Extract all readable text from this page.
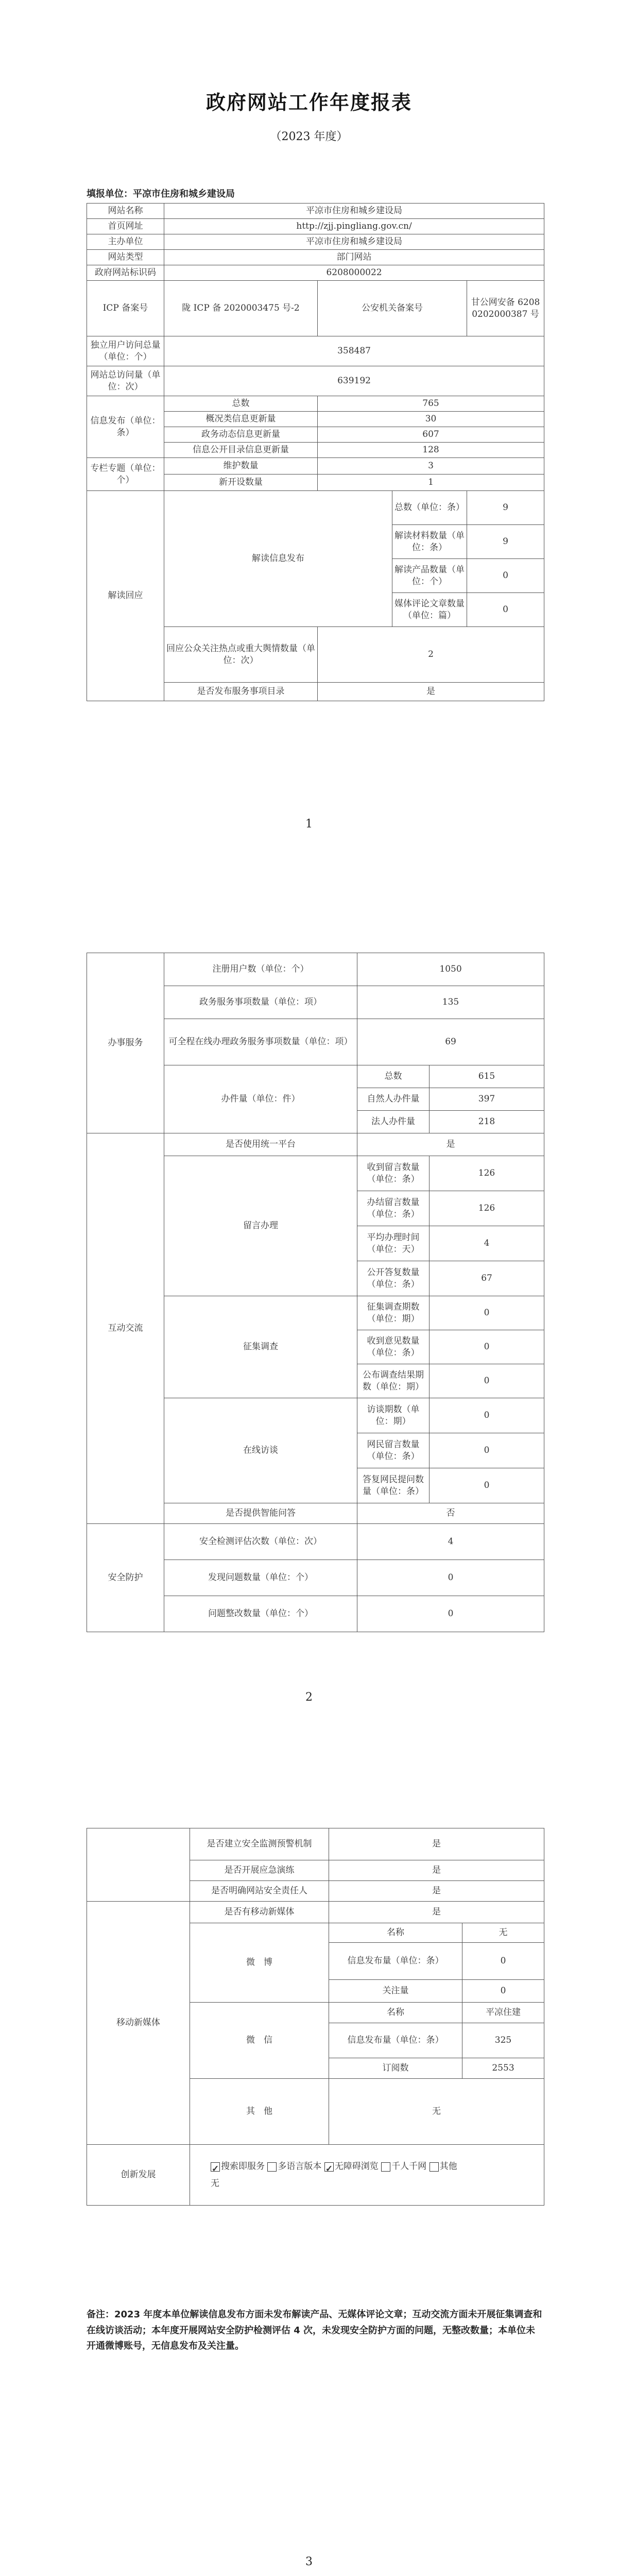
政府网站工作年度报表
（2023 年度）
填报单位：平凉市住房和城乡建设局
网站名称	平凉市住房和城乡建设局			
首页网址	http://zjj.pingliang.gov.cn/			
主办单位	平凉市住房和城乡建设局			
网站类型	部门网站			
政府网站标识码	6208000022			
ICP 备案号	陇 ICP 备 2020003475 号-2	公安机关备案号		甘公网安备 62080202000387 号
独立用户访问总量（单位：个）	358487			
网站总访问量（单位：次）	639192			
信息发布（单位：条）	总数	765		
	概况类信息更新量	30		
	政务动态信息更新量	607		
	信息公开目录信息更新量	128		
专栏专题（单位：个）	维护数量	3		
	新开设数量	1		
解读回应	解读信息发布		总数（单位：条）	9
			解读材料数量（单位：条）	9
			解读产品数量（单位：个）	0
			媒体评论文章数量（单位：篇）	0
	回应公众关注热点或重大舆情数量（单位：次）	2		
	是否发布服务事项目录	是		
1
办事服务	注册用户数（单位：个）	1050	
	政务服务事项数量（单位：项）	135	
	可全程在线办理政务服务事项数量（单位：项）	69	
	办件量（单位：件）	总数	615
		自然人办件量	397
		法人办件量	218
互动交流	是否使用统一平台	是	
	留言办理	收到留言数量（单位：条）	126
		办结留言数量（单位：条）	126
		平均办理时间（单位：天）	4
		公开答复数量（单位：条）	67
	征集调查	征集调查期数（单位：期）	0
		收到意见数量（单位：条）	0
		公布调查结果期数（单位：期）	0
	在线访谈	访谈期数（单位：期）	0
		网民留言数量（单位：条）	0
		答复网民提问数量（单位：条）	0
	是否提供智能问答	否	
安全防护	安全检测评估次数（单位：次）	4	
	发现问题数量（单位：个）	0	
	问题整改数量（单位：个）	0	
2
	是否建立安全监测预警机制	是	
	是否开展应急演练	是	
	是否明确网站安全责任人	是	
移动新媒体	是否有移动新媒体	是	
	微　博	名称	无
		信息发布量（单位：条）	0
		关注量	0
	微　信	名称	平凉住建
		信息发布量（单位：条）	325
		订阅数	2553
	其　他	无	
创新发展	✓搜索即服务 多语言版本 ✓ 无障碍浏览 千人千网 其他
无
备注：2023 年度本单位解读信息发布方面未发布解读产品、无媒体评论文章；互动交流方面未开展征集调查和在线访谈活动；本年度开展网站安全防护检测评估 4 次，未发现安全防护方面的问题，无整改数量；本单位未开通微博账号，无信息发布及关注量。
3
